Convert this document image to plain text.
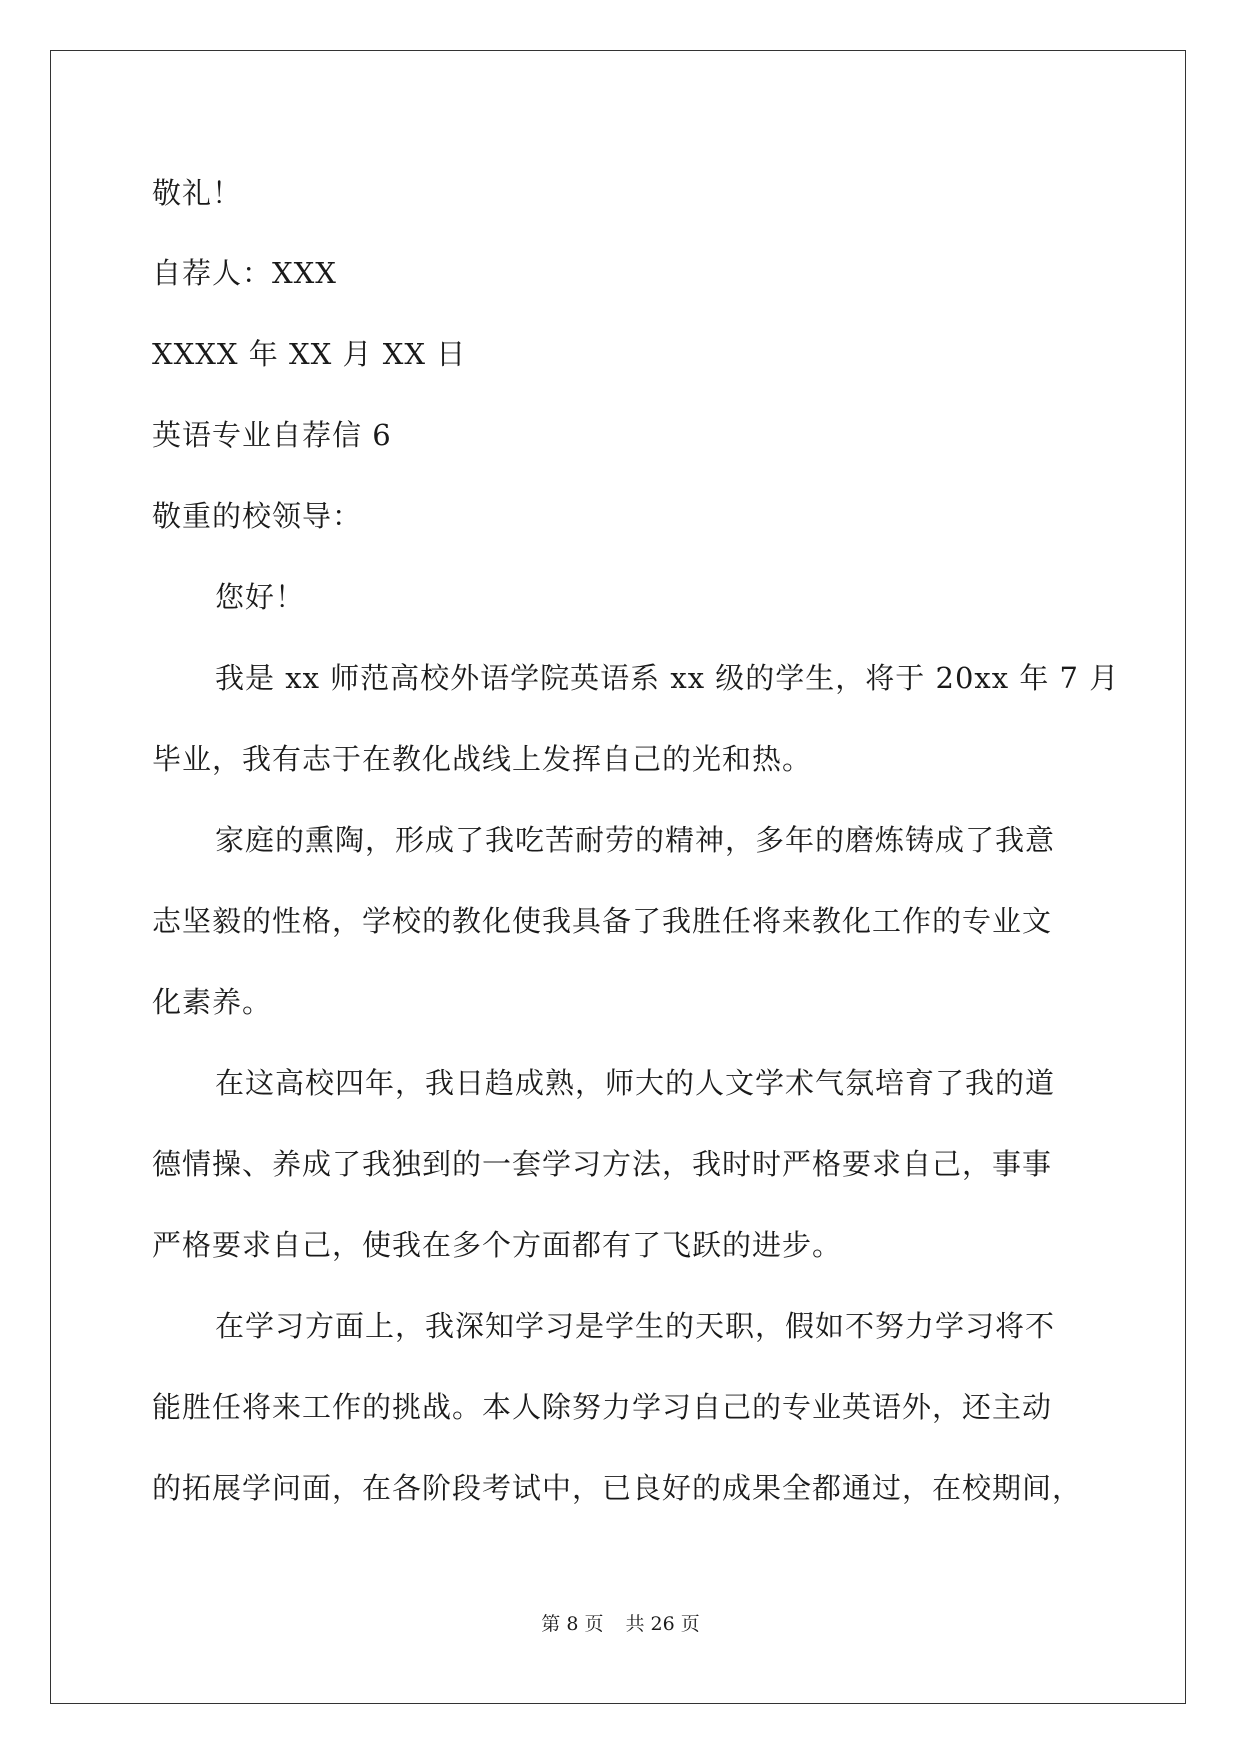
敬礼！
自荐人：XXX
XXXX 年 XX 月 XX 日
英语专业自荐信 6
敬重的校领导：
您好！
我是 xx 师范高校外语学院英语系 xx 级的学生，将于 20xx 年 7 月
毕业，我有志于在教化战线上发挥自己的光和热。
家庭的熏陶，形成了我吃苦耐劳的精神，多年的磨炼铸成了我意
志坚毅的性格，学校的教化使我具备了我胜任将来教化工作的专业文
化素养。
在这高校四年，我日趋成熟，师大的人文学术气氛培育了我的道
德情操、养成了我独到的一套学习方法，我时时严格要求自己，事事
严格要求自己，使我在多个方面都有了飞跃的进步。
在学习方面上，我深知学习是学生的天职，假如不努力学习将不
能胜任将来工作的挑战。本人除努力学习自己的专业英语外，还主动
的拓展学问面，在各阶段考试中，已良好的成果全都通过，在校期间，
第 8 页 共 26 页
